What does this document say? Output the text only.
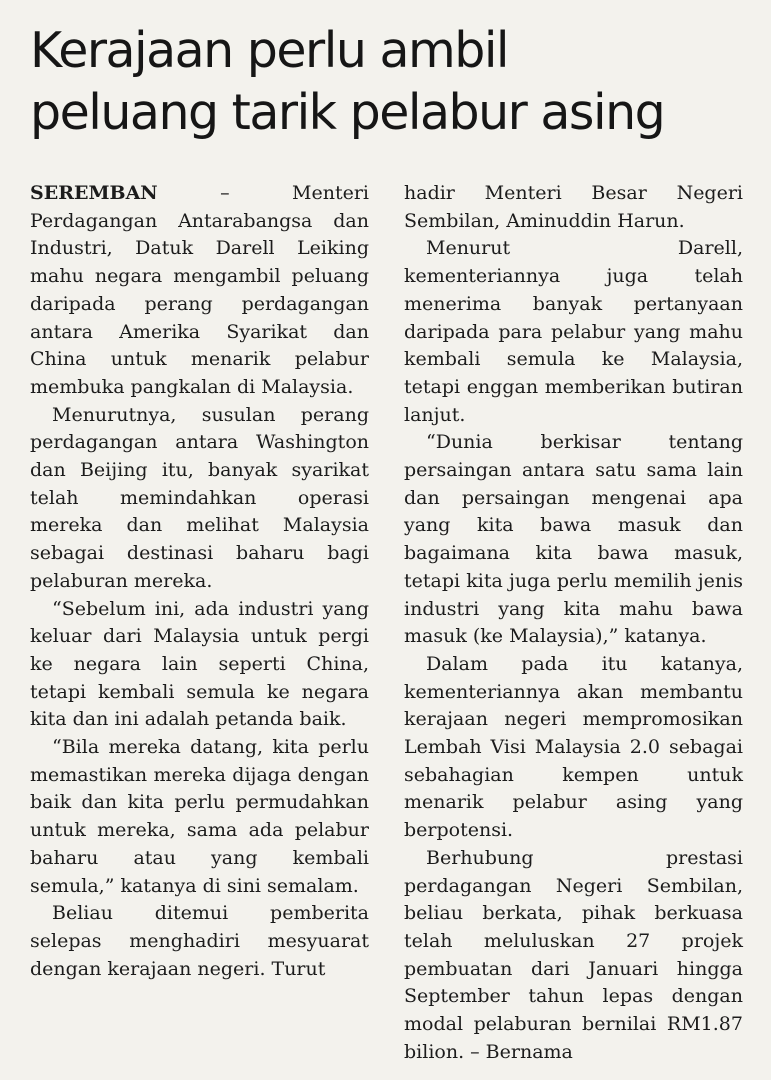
Kerajaan perlu ambil
peluang tarik pelabur asing

SEREMBAN – Menteri Perdagangan Antarabangsa dan Industri, Datuk Darell Leiking mahu negara mengambil peluang daripada perang perdagangan antara Amerika Syarikat dan China untuk menarik pelabur membuka pangkalan di Malaysia.

Menurutnya, susulan perang perdagangan antara Washington dan Beijing itu, banyak syarikat telah memindahkan operasi mereka dan melihat Malaysia sebagai destinasi baharu bagi pelaburan mereka.

“Sebelum ini, ada industri yang keluar dari Malaysia untuk pergi ke negara lain seperti China, tetapi kembali semula ke negara kita dan ini adalah petanda baik.

“Bila mereka datang, kita perlu memastikan mereka dijaga dengan baik dan kita perlu permudahkan untuk mereka, sama ada pelabur baharu atau yang kembali semula,” katanya di sini semalam.

Beliau ditemui pemberita selepas menghadiri mesyuarat dengan kerajaan negeri. Turut

hadir Menteri Besar Negeri Sembilan, Aminuddin Harun.

Menurut Darell, kementeriannya juga telah menerima banyak pertanyaan daripada para pelabur yang mahu kembali semula ke Malaysia, tetapi enggan memberikan butiran lanjut.

“Dunia berkisar tentang persaingan antara satu sama lain dan persaingan mengenai apa yang kita bawa masuk dan bagaimana kita bawa masuk, tetapi kita juga perlu memilih jenis industri yang kita mahu bawa masuk (ke Malaysia),” katanya.

Dalam pada itu katanya, kementeriannya akan membantu kerajaan negeri mempromosikan Lembah Visi Malaysia 2.0 sebagai sebahagian kempen untuk menarik pelabur asing yang berpotensi.

Berhubung prestasi perdagangan Negeri Sembilan, beliau berkata, pihak berkuasa telah meluluskan 27 projek pembuatan dari Januari hingga September tahun lepas dengan modal pelaburan bernilai RM1.87 bilion. – Bernama
